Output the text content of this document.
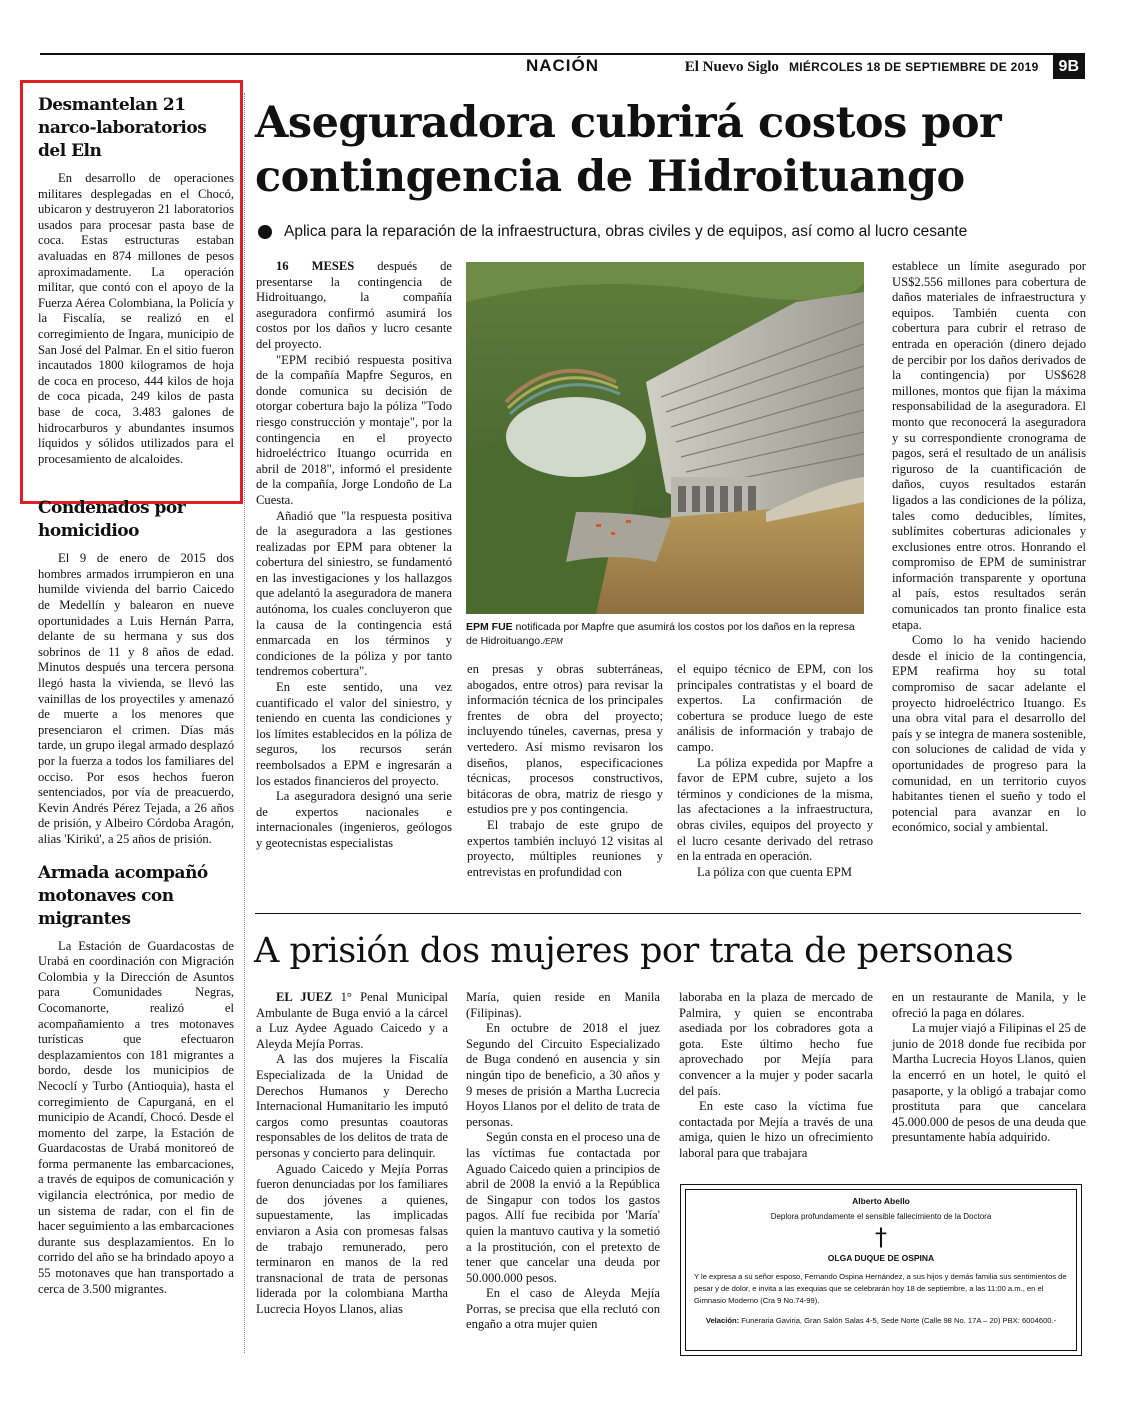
NACIÓN	El Nuevo Siglo MIÉRCOLES 18 DE SEPTIEMBRE DE 2019	9B
Desmantelan 21 narco-laboratorios del Eln

En desarrollo de operaciones militares desplegadas en el Chocó, ubicaron y destruyeron 21 laboratorios usados para procesar pasta base de coca. Estas estructuras estaban avaluadas en 874 millones de pesos aproximadamente. La operación militar, que contó con el apoyo de la Fuerza Aérea Colombiana, la Policía y la Fiscalía, se realizó en el corregimiento de Ingara, municipio de San José del Palmar. En el sitio fueron incautados 1800 kilogramos de hoja de coca en proceso, 444 kilos de hoja de coca picada, 249 kilos de pasta base de coca, 3.483 galones de hidrocarburos y abundantes insumos líquidos y sólidos utilizados para el procesamiento de alcaloides.

Condenados por homicidioo

El 9 de enero de 2015 dos hombres armados irrumpieron en una humilde vivienda del barrio Caicedo de Medellín y balearon en nueve oportunidades a Luis Hernán Parra, delante de su hermana y sus dos sobrinos de 11 y 8 años de edad. Minutos después una tercera persona llegó hasta la vivienda, se llevó las vainillas de los proyectiles y amenazó de muerte a los menores que presenciaron el crimen. Días más tarde, un grupo ilegal armado desplazó por la fuerza a todos los familiares del occiso. Por esos hechos fueron sentenciados, por vía de preacuerdo, Kevin Andrés Pérez Tejada, a 26 años de prisión, y Albeiro Córdoba Aragón, alias 'Kirikú', a 25 años de prisión.

Armada acompañó motonaves con migrantes

La Estación de Guardacostas de Urabá en coordinación con Migración Colombia y la Dirección de Asuntos para Comunidades Negras, Cocomanorte, realizó el acompañamiento a tres motonaves turísticas que efectuaron desplazamientos con 181 migrantes a bordo, desde los municipios de Necoclí y Turbo (Antioquia), hasta el corregimiento de Capurganá, en el municipio de Acandí, Chocó. Desde el momento del zarpe, la Estación de Guardacostas de Urabá monitoreó de forma permanente las embarcaciones, a través de equipos de comunicación y vigilancia electrónica, por medio de un sistema de radar, con el fin de hacer seguimiento a las embarcaciones durante sus desplazamientos. En lo corrido del año se ha brindado apoyo a 55 motonaves que han transportado a cerca de 3.500 migrantes.

Aseguradora cubrirá costos por contingencia de Hidroituango
Aplica para la reparación de la infraestructura, obras civiles y de equipos, así como al lucro cesante

16 MESES después de presentarse la contingencia de Hidroituango, la compañía aseguradora confirmó asumirá los costos por los daños y lucro cesante del proyecto.

"EPM recibió respuesta positiva de la compañía Mapfre Seguros, en donde comunica su decisión de otorgar cobertura bajo la póliza "Todo riesgo construcción y montaje", por la contingencia en el proyecto hidroeléctrico Ituango ocurrida en abril de 2018", informó el presidente de la compañía, Jorge Londoño de La Cuesta.

Añadió que "la respuesta positiva de la aseguradora a las gestiones realizadas por EPM para obtener la cobertura del siniestro, se fundamentó en las investigaciones y los hallazgos que adelantó la aseguradora de manera autónoma, los cuales concluyeron que la causa de la contingencia está enmarcada en los términos y condiciones de la póliza y por tanto tendremos cobertura".

En este sentido, una vez cuantificado el valor del siniestro, y teniendo en cuenta las condiciones y los límites establecidos en la póliza de seguros, los recursos serán reembolsados a EPM e ingresarán a los estados financieros del proyecto.

La aseguradora designó una serie de expertos nacionales e internacionales (ingenieros, geólogos y geotecnistas especialistas

EPM FUE notificada por Mapfre que asumirá los costos por los daños en la represa de Hidroituango./EPM

en presas y obras subterráneas, abogados, entre otros) para revisar la información técnica de los principales frentes de obra del proyecto; incluyendo túneles, cavernas, presa y vertedero. Así mismo revisaron los diseños, planos, especificaciones técnicas, procesos constructivos, bitácoras de obra, matriz de riesgo y estudios pre y pos contingencia.

El trabajo de este grupo de expertos también incluyó 12 visitas al proyecto, múltiples reuniones y entrevistas en profundidad con

el equipo técnico de EPM, con los principales contratistas y el board de expertos. La confirmación de cobertura se produce luego de este análisis de información y trabajo de campo.

La póliza expedida por Mapfre a favor de EPM cubre, sujeto a los términos y condiciones de la misma, las afectaciones a la infraestructura, obras civiles, equipos del proyecto y el lucro cesante derivado del retraso en la entrada en operación.

La póliza con que cuenta EPM

establece un límite asegurado por US$2.556 millones para cobertura de daños materiales de infraestructura y equipos. También cuenta con cobertura para cubrir el retraso de entrada en operación (dinero dejado de percibir por los daños derivados de la contingencia) por US$628 millones, montos que fijan la máxima responsabilidad de la aseguradora. El monto que reconocerá la aseguradora y su correspondiente cronograma de pagos, será el resultado de un análisis riguroso de la cuantificación de daños, cuyos resultados estarán ligados a las condiciones de la póliza, tales como deducibles, límites, sublímites coberturas adicionales y exclusiones entre otros. Honrando el compromiso de EPM de suministrar información transparente y oportuna al país, estos resultados serán comunicados tan pronto finalice esta etapa.

Como lo ha venido haciendo desde el inicio de la contingencia, EPM reafirma hoy su total compromiso de sacar adelante el proyecto hidroeléctrico Ituango. Es una obra vital para el desarrollo del país y se integra de manera sostenible, con soluciones de calidad de vida y oportunidades de progreso para la comunidad, en un territorio cuyos habitantes tienen el sueño y todo el potencial para avanzar en lo económico, social y ambiental.

A prisión dos mujeres por trata de personas

EL JUEZ 1° Penal Municipal Ambulante de Buga envió a la cárcel a Luz Aydee Aguado Caicedo y a Aleyda Mejía Porras.

A las dos mujeres la Fiscalía Especializada de la Unidad de Derechos Humanos y Derecho Internacional Humanitario les imputó cargos como presuntas coautoras responsables de los delitos de trata de personas y concierto para delinquir.

Aguado Caicedo y Mejía Porras fueron denunciadas por los familiares de dos jóvenes a quienes, supuestamente, las implicadas enviaron a Asia con promesas falsas de trabajo remunerado, pero terminaron en manos de la red transnacional de trata de personas liderada por la colombiana Martha Lucrecia Hoyos Llanos, alias

María, quien reside en Manila (Filipinas).

En octubre de 2018 el juez Segundo del Circuito Especializado de Buga condenó en ausencia y sin ningún tipo de beneficio, a 30 años y 9 meses de prisión a Martha Lucrecia Hoyos Llanos por el delito de trata de personas.

Según consta en el proceso una de las víctimas fue contactada por Aguado Caicedo quien a principios de abril de 2008 la envió a la República de Singapur con todos los gastos pagos. Allí fue recibida por 'María' quien la mantuvo cautiva y la sometió a la prostitución, con el pretexto de tener que cancelar una deuda por 50.000.000 pesos.

En el caso de Aleyda Mejía Porras, se precisa que ella reclutó con engaño a otra mujer quien

laboraba en la plaza de mercado de Palmira, y quien se encontraba asediada por los cobradores gota a gota. Este último hecho fue aprovechado por Mejía para convencer a la mujer y poder sacarla del país.

En este caso la víctima fue contactada por Mejía a través de una amiga, quien le hizo un ofrecimiento laboral para que trabajara

en un restaurante de Manila, y le ofreció la paga en dólares.

La mujer viajó a Filipinas el 25 de junio de 2018 donde fue recibida por Martha Lucrecia Hoyos Llanos, quien la encerró en un hotel, le quitó el pasaporte, y la obligó a trabajar como prostituta para que cancelara 45.000.000 de pesos de una deuda que presuntamente había adquirido.

Alberto Abello
Deplora profundamente el sensible fallecimiento de la Doctora
†
OLGA DUQUE DE OSPINA
Y le expresa a su señor esposo, Fernando Ospina Hernández, a sus hijos y demás familia sus sentimientos de pesar y de dolor, e invita a las exequias que se celebrarán hoy 18 de septiembre, a las 11:00 a.m., en el Gimnasio Moderno (Cra 9 No.74-99).
Velación: Funeraria Gaviria, Gran Salón Salas 4-5, Sede Norte (Calle 98 No. 17A – 20) PBX: 6004600.-
